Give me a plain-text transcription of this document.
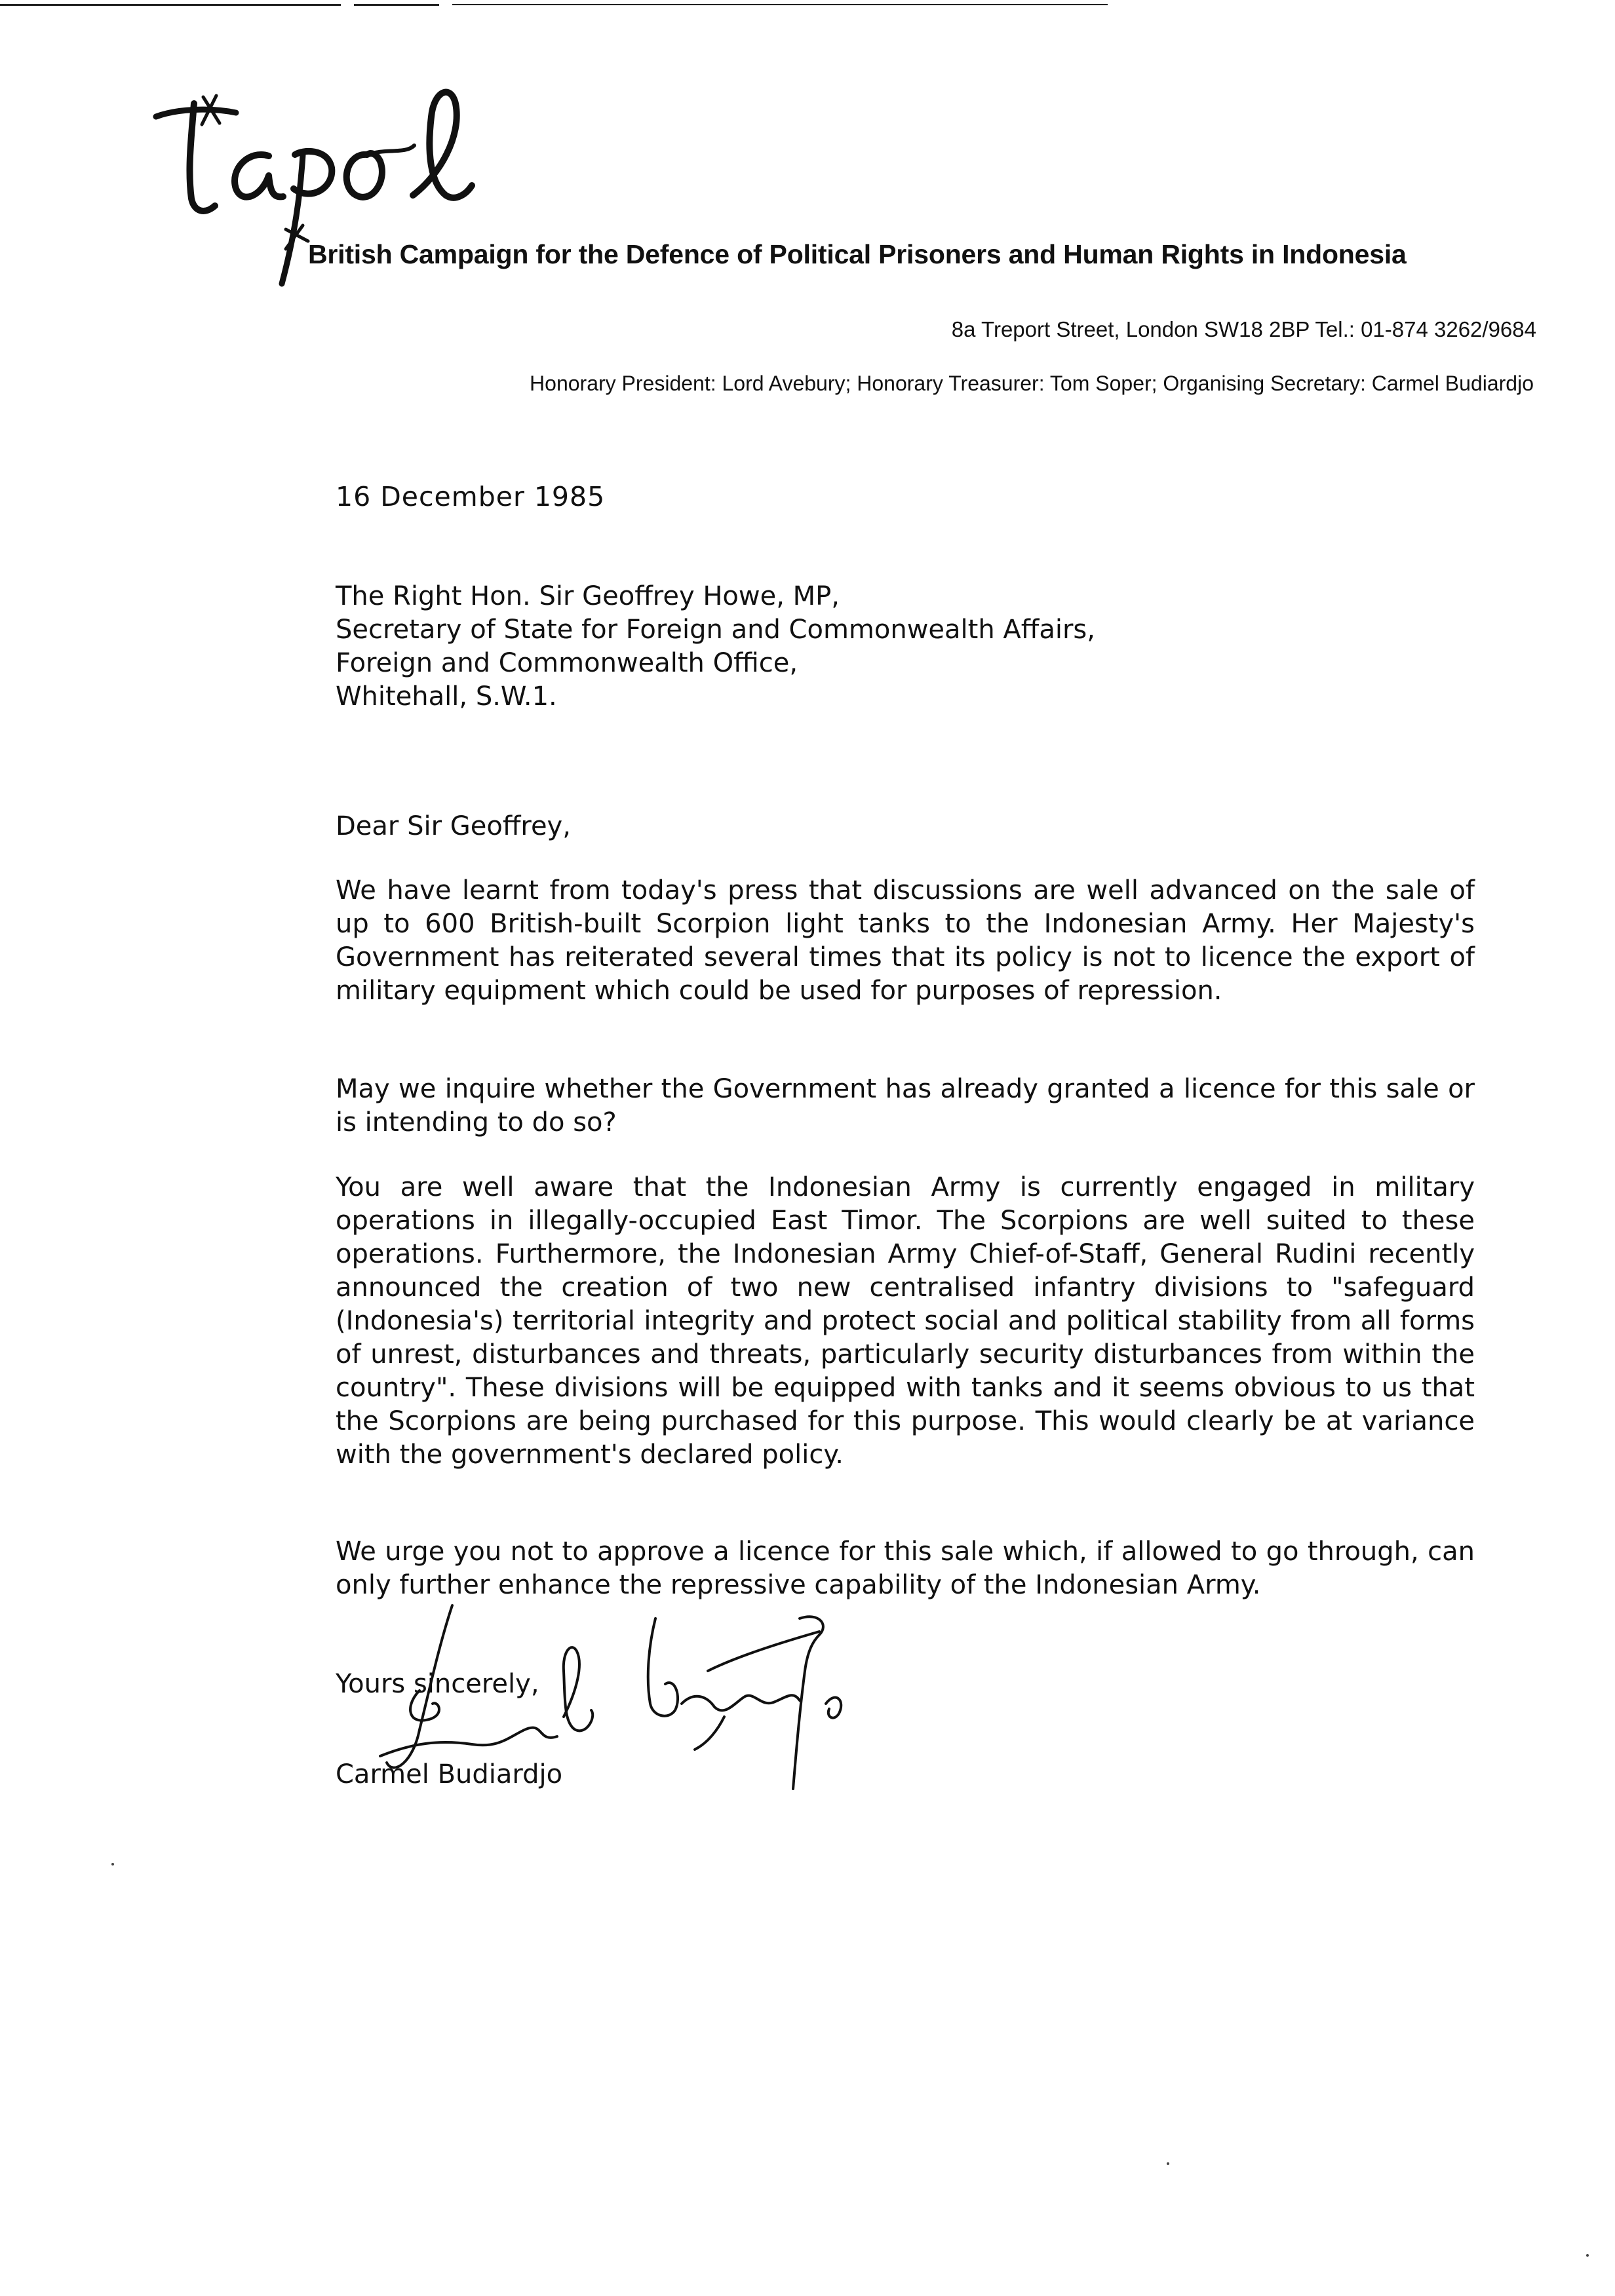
British Campaign for the Defence of Political Prisoners and Human Rights in Indonesia
8a Treport Street, London SW18 2BP Tel.: 01-874 3262/9684
Honorary President: Lord Avebury; Honorary Treasurer: Tom Soper; Organising Secretary: Carmel Budiardjo
16 December 1985
The Right Hon. Sir Geoffrey Howe, MP,
Secretary of State for Foreign and Commonwealth Affairs,
Foreign and Commonwealth Office,
Whitehall, S.W.1.
Dear Sir Geoffrey,
We have learnt from today's press that discussions are well advanced on the sale of up to 600 British-built Scorpion light tanks to the Indonesian Army. Her Majesty's Government has reiterated several times that its policy is not to licence the export of military equipment which could be used for purposes of repression.
May we inquire whether the Government has already granted a licence for this sale or is intending to do so?
You are well aware that the Indonesian Army is currently engaged in military operations in illegally-occupied East Timor. The Scorpions are well suited to these operations. Furthermore, the Indonesian Army Chief-of-Staff, General Rudini recently announced the creation of two new centralised infantry divisions to "safeguard (Indonesia's) territorial integrity and protect social and political stability from all forms of unrest, disturbances and threats, particularly security disturbances from within the country". These divisions will be equipped with tanks and it seems obvious to us that the Scorpions are being purchased for this purpose. This would clearly be at variance with the government's declared policy.
We urge you not to approve a licence for this sale which, if allowed to go through, can only further enhance the repressive capability of the Indonesian Army.
Yours sincerely,
Carmel Budiardjo
